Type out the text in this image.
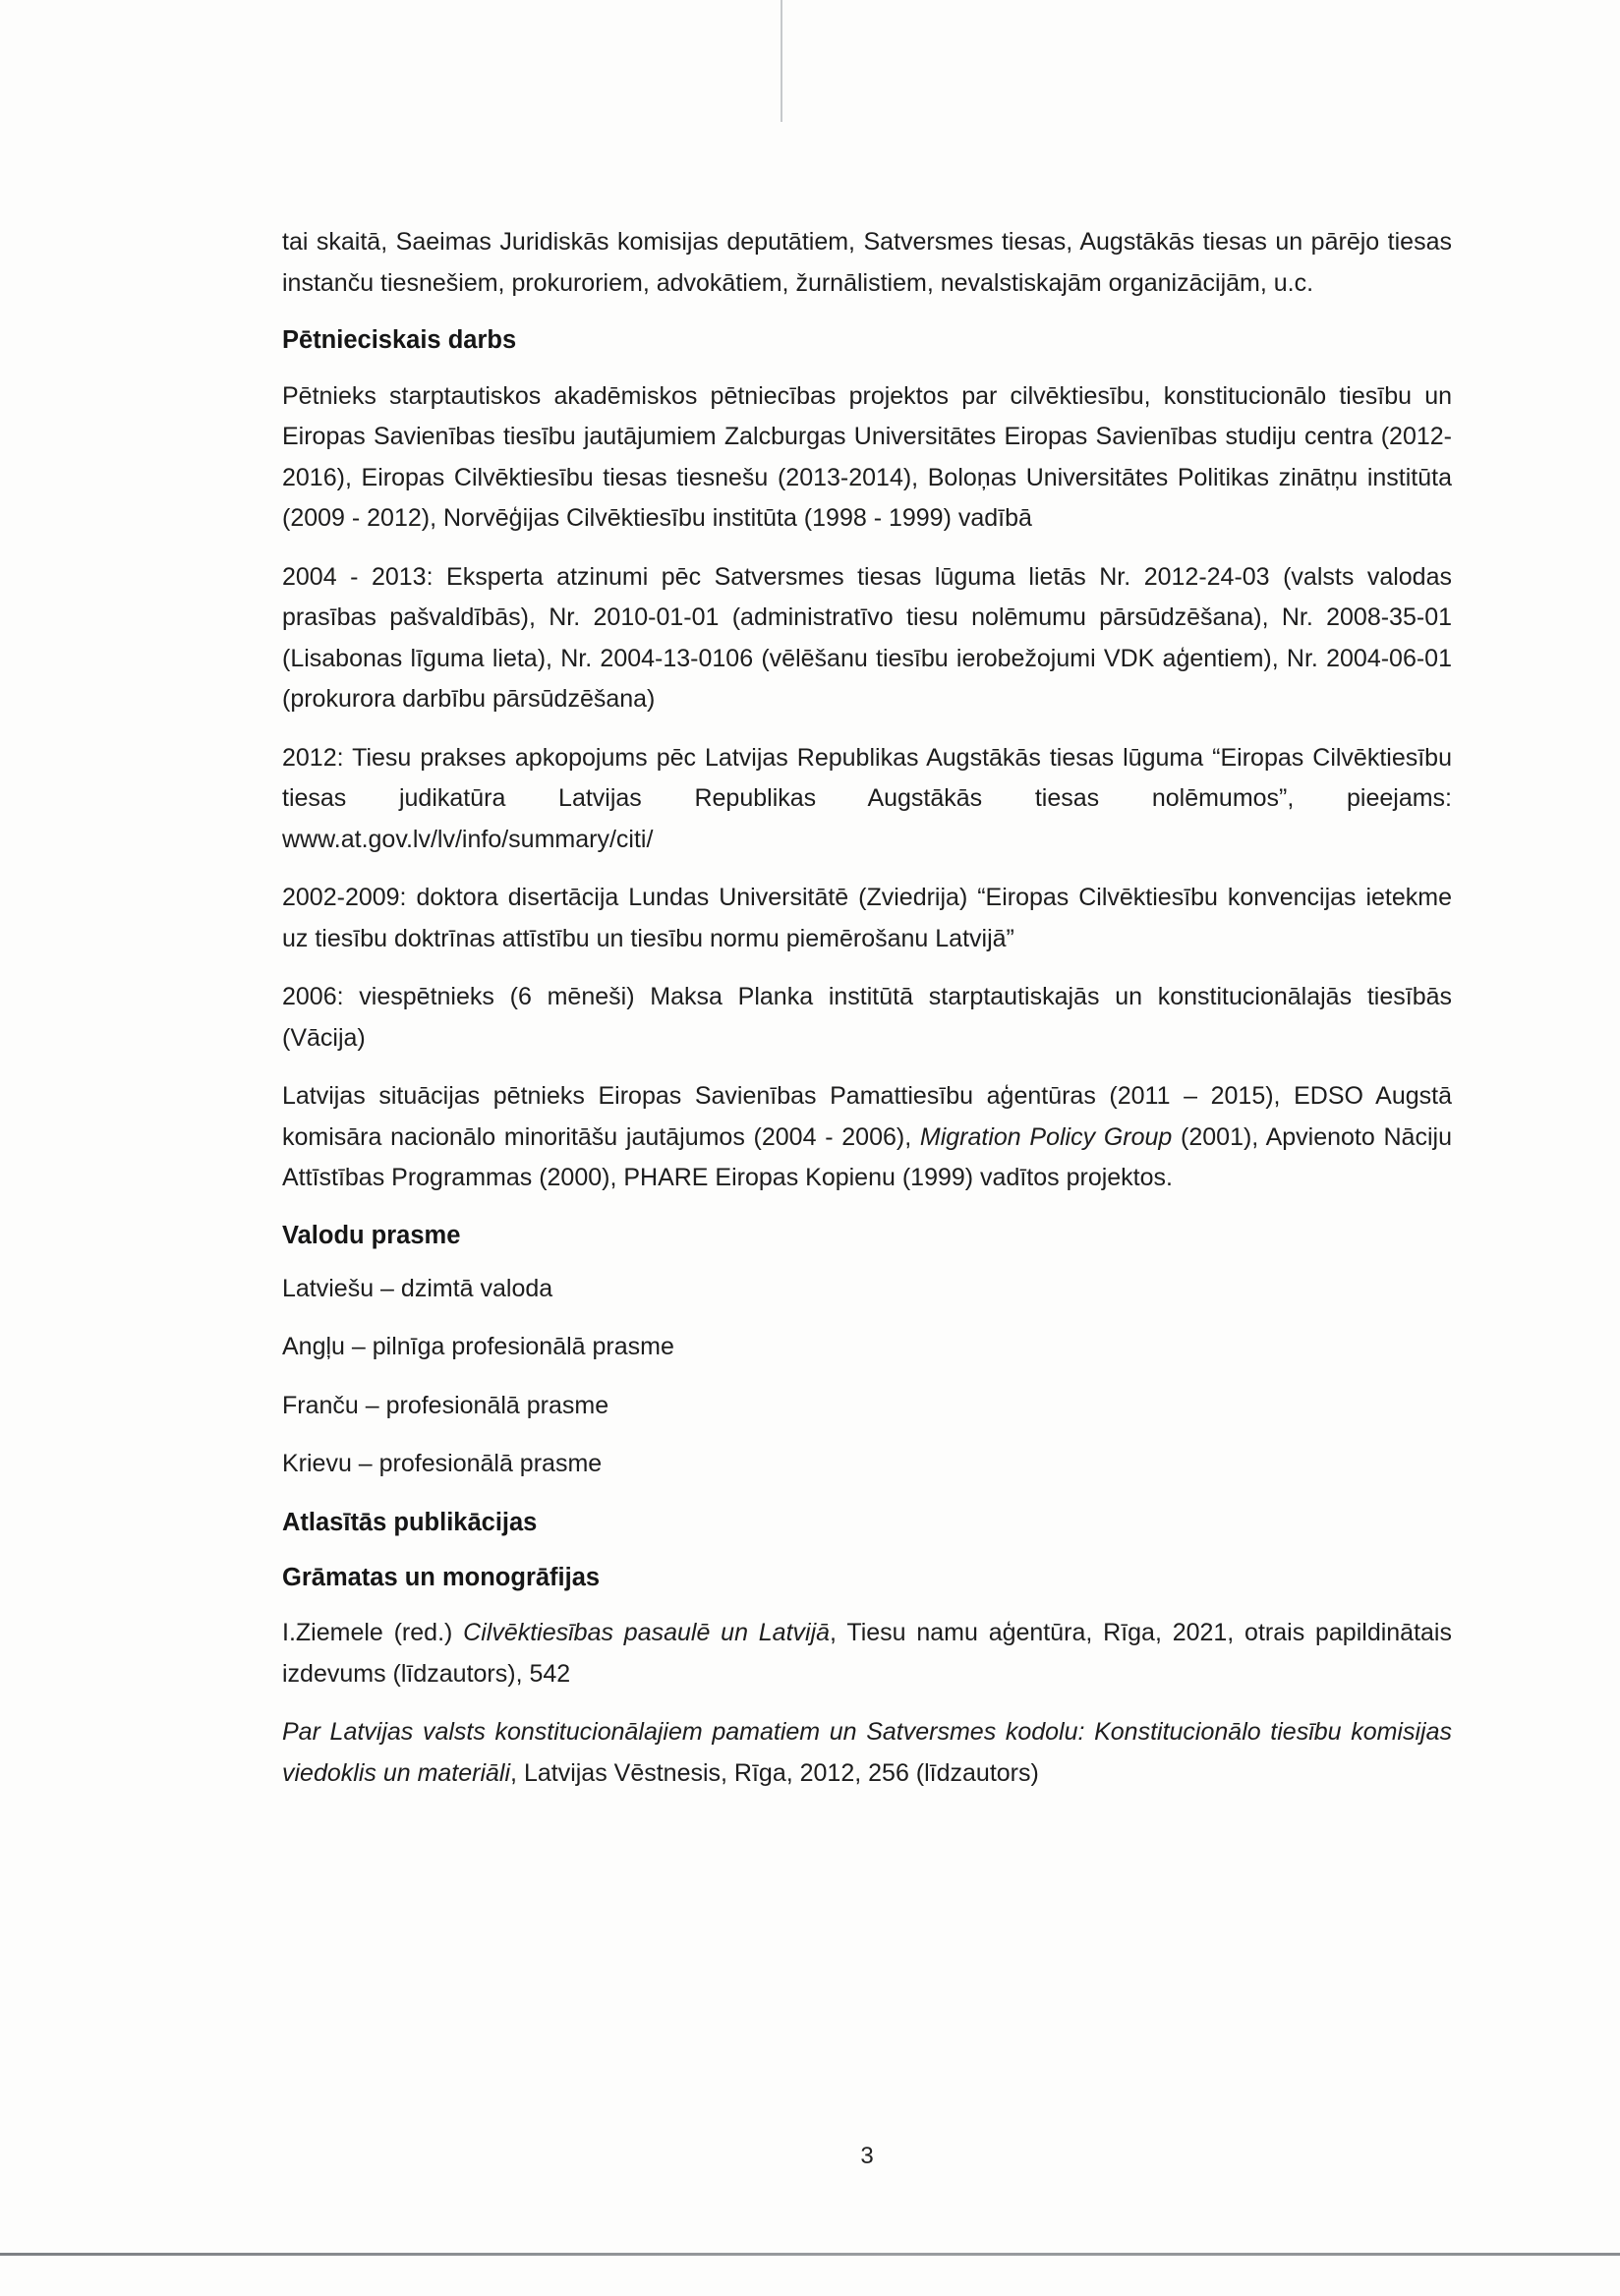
tai skaitā, Saeimas Juridiskās komisijas deputātiem, Satversmes tiesas, Augstākās tiesas un pārējo tiesas instanču tiesnešiem, prokuroriem, advokātiem, žurnālistiem, nevalstiskajām organizācijām, u.c.

Pētnieciskais darbs

Pētnieks starptautiskos akadēmiskos pētniecības projektos par cilvēktiesību, konstitucionālo tiesību un Eiropas Savienības tiesību jautājumiem Zalcburgas Universitātes Eiropas Savienības studiju centra (2012-2016), Eiropas Cilvēktiesību tiesas tiesnešu (2013-2014), Boloņas Universitātes Politikas zinātņu institūta (2009 - 2012), Norvēģijas Cilvēktiesību institūta (1998 - 1999) vadībā

2004 - 2013: Eksperta atzinumi pēc Satversmes tiesas lūguma lietās Nr. 2012-24-03 (valsts valodas prasības pašvaldībās), Nr. 2010-01-01 (administratīvo tiesu nolēmumu pārsūdzēšana), Nr. 2008-35-01 (Lisabonas līguma lieta), Nr. 2004-13-0106 (vēlēšanu tiesību ierobežojumi VDK aģentiem), Nr. 2004-06-01 (prokurora darbību pārsūdzēšana)

2012: Tiesu prakses apkopojums pēc Latvijas Republikas Augstākās tiesas lūguma “Eiropas Cilvēktiesību tiesas judikatūra Latvijas Republikas Augstākās tiesas nolēmumos”, pieejams: www.at.gov.lv/lv/info/summary/citi/

2002-2009: doktora disertācija Lundas Universitātē (Zviedrija) “Eiropas Cilvēktiesību konvencijas ietekme uz tiesību doktrīnas attīstību un tiesību normu piemērošanu Latvijā”

2006: viespētnieks (6 mēneši) Maksa Planka institūtā starptautiskajās un konstitucionālajās tiesībās (Vācija)

Latvijas situācijas pētnieks Eiropas Savienības Pamattiesību aģentūras (2011 – 2015), EDSO Augstā komisāra nacionālo minoritāšu jautājumos (2004 - 2006), Migration Policy Group (2001), Apvienoto Nāciju Attīstības Programmas (2000), PHARE Eiropas Kopienu (1999) vadītos projektos.

Valodu prasme

Latviešu – dzimtā valoda

Angļu – pilnīga profesionālā prasme

Franču – profesionālā prasme

Krievu – profesionālā prasme

Atlasītās publikācijas
Grāmatas un monogrāfijas

I.Ziemele (red.) Cilvēktiesības pasaulē un Latvijā, Tiesu namu aģentūra, Rīga, 2021, otrais papildinātais izdevums (līdzautors), 542

Par Latvijas valsts konstitucionālajiem pamatiem un Satversmes kodolu: Konstitucionālo tiesību komisijas viedoklis un materiāli, Latvijas Vēstnesis, Rīga, 2012, 256 (līdzautors)

3
